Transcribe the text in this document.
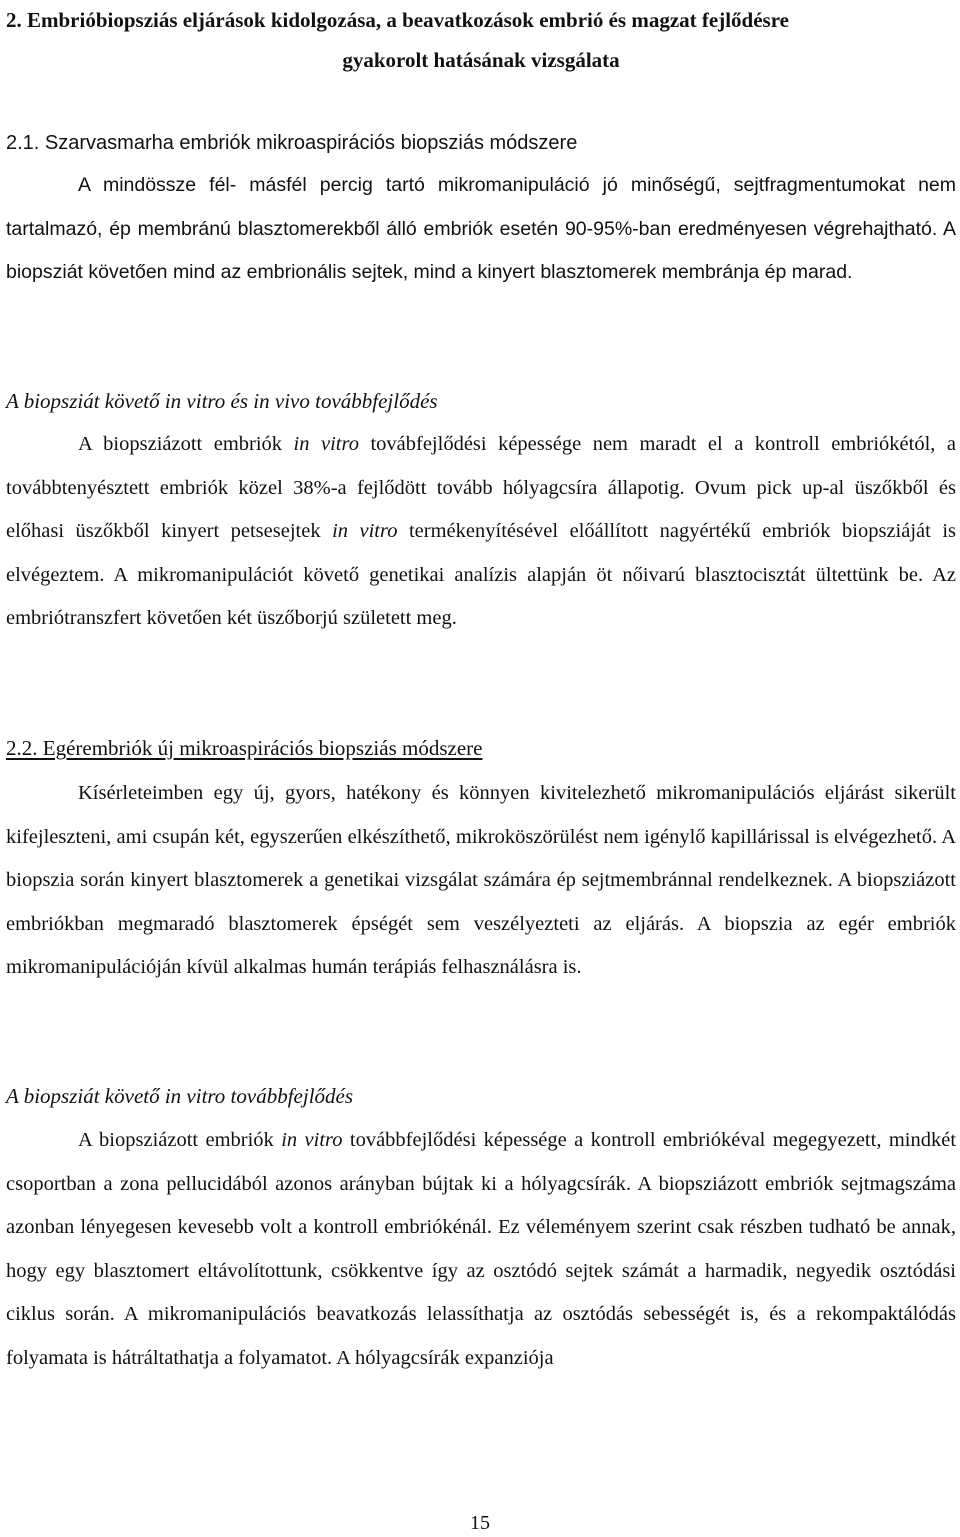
2. Embrióbiopsziás eljárások kidolgozása, a beavatkozások embrió és magzat fejlődésre
gyakorolt hatásának vizsgálata
2.1. Szarvasmarha embriók mikroaspirációs biopsziás módszere
A mindössze fél- másfél percig tartó mikromanipuláció jó minőségű, sejtfragmentumokat nem tartalmazó, ép membránú blasztomerekből álló embriók esetén 90-95%-ban eredményesen végrehajtható. A biopsziát követően mind az embrionális sejtek, mind a kinyert blasztomerek membránja ép marad.
A biopsziát követő in vitro és in vivo továbbfejlődés
A biopsziázott embriók in vitro továbfejlődési képessége nem maradt el a kontroll embriókétól, a továbbtenyésztett embriók közel 38%-a fejlődött tovább hólyagcsíra állapotig. Ovum pick up-al üszőkből és előhasi üszőkből kinyert petsesejtek in vitro termékenyítésével előállított nagyértékű embriók biopsziáját is elvégeztem. A mikromanipulációt követő genetikai analízis alapján öt nőivarú blasztocisztát ültettünk be. Az embriótranszfert követően két üszőborjú született meg.
2.2. Egérembriók új mikroaspirációs biopsziás módszere
Kísérleteimben egy új, gyors, hatékony és könnyen kivitelezhető mikromanipulációs eljárást sikerült kifejleszteni, ami csupán két, egyszerűen elkészíthető, mikroköszörülést nem igénylő kapillárissal is elvégezhető. A biopszia során kinyert blasztomerek a genetikai vizsgálat számára ép sejtmembránnal rendelkeznek. A biopsziázott embriókban megmaradó blasztomerek épségét sem veszélyezteti az eljárás. A biopszia az egér embriók mikromanipulációján kívül alkalmas humán terápiás felhasználásra is.
A biopsziát követő in vitro továbbfejlődés
A biopsziázott embriók in vitro továbbfejlődési képessége a kontroll embriókéval megegyezett, mindkét csoportban a zona pellucidából azonos arányban bújtak ki a hólyagcsírák. A biopsziázott embriók sejtmagszáma azonban lényegesen kevesebb volt a kontroll embriókénál. Ez véleményem szerint csak részben tudható be annak, hogy egy blasztomert eltávolítottunk, csökkentve így az osztódó sejtek számát a harmadik, negyedik osztódási ciklus során. A mikromanipulációs beavatkozás lelassíthatja az osztódás sebességét is, és a rekompaktálódás folyamata is hátráltathatja a folyamatot. A hólyagcsírák expanziója
15
